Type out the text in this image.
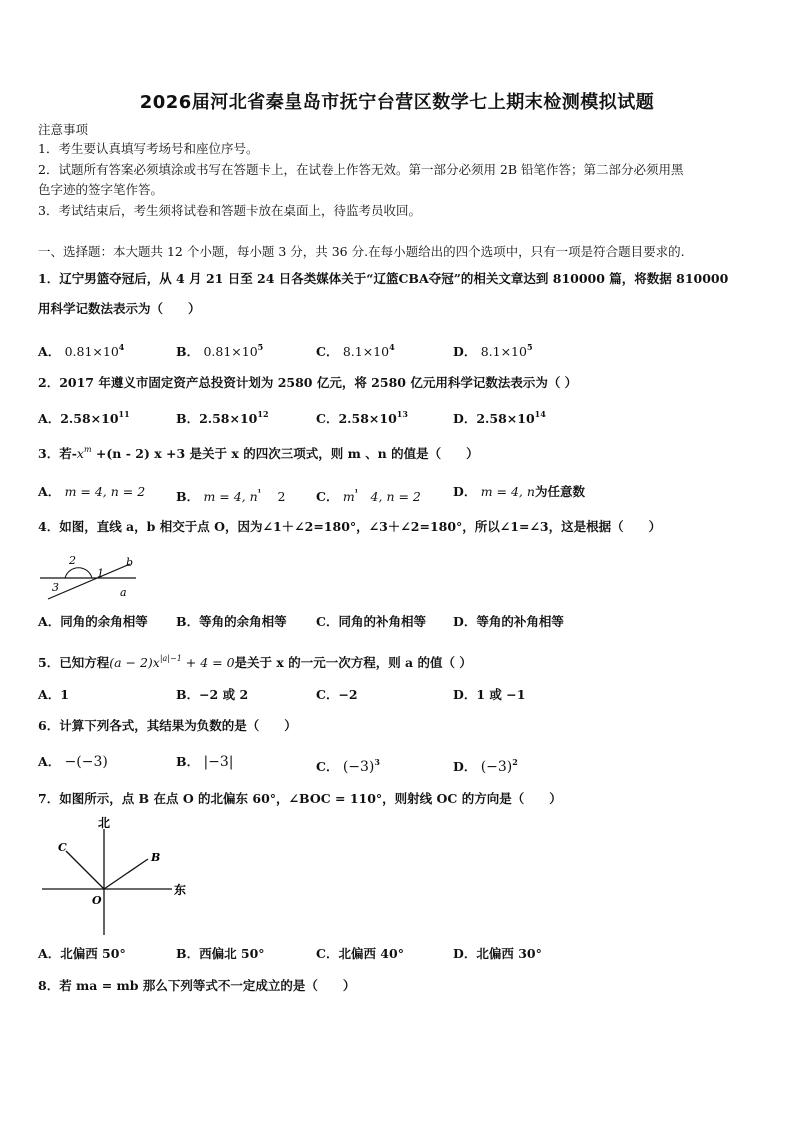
2026届河北省秦皇岛市抚宁台营区数学七上期末检测模拟试题
注意事项
1．考生要认真填写考场号和座位序号。
2．试题所有答案必须填涂或书写在答题卡上，在试卷上作答无效。第一部分必须用 2B 铅笔作答；第二部分必须用黑
色字迹的签字笔作答。
3．考试结束后，考生须将试卷和答题卡放在桌面上，待监考员收回。
一、选择题：本大题共 12 个小题，每小题 3 分，共 36 分.在每小题给出的四个选项中，只有一项是符合题目要求的.
1．辽宁男篮夺冠后，从 4 月 21 日至 24 日各类媒体关于“辽篮CBA夺冠”的相关文章达到 810000 篇，将数据 810000
用科学记数法表示为（　　）
A． $0.81\times 10^4$	B． $0.81\times 10^5$	C． $8.1\times 10^4$	D． $8.1\times 10^5$
2．2017 年遵义市固定资产总投资计划为 2580 亿元，将 2580 亿元用科学记数法表示为（ ）
A．$2.58\times 10^{11}$	B．$2.58\times 10^{12}$	C．$2.58\times 10^{13}$	D．$2.58\times 10^{14}$
3．若$-x^m +(n - 2)$ x +3 是关于 x 的四次三项式，则 m 、n 的值是（　　）
A． m = 4, n = 2 B． m = 4, $n^{^1}$ 2 C． $m^{^1}$ 4, n = 2	D． m = 4, n为任意数
4．如图，直线 a，b 相交于点 O，因为∠1＋∠2=180°，∠3＋∠2=180°，所以∠1=∠3，这是根据（　　）
2
1
3
b
a
A．同角的余角相等 B．等角的余角相等 C．同角的补角相等 D．等角的补角相等
5．已知方程$(a - 2)x^{|a|-1} + 4 = 0$是关于 x 的一元一次方程，则 a 的值（ ）
A．1	B．−2 或 2	C．−2	D．1 或 −1
6．计算下列各式，其结果为负数的是（　　）
A． −(−3)	B． |−3|	C． $(-3)^3$	D． $(-3)^2$
7．如图所示，点 B 在点 O 的北偏东 60°，∠BOC = 110°，则射线 OC 的方向是（　　）
北
C
B
O
东
A．北偏西 50°	B．西偏北 50°	C．北偏西 40°	D．北偏西 30°
8．若 ma = mb 那么下列等式不一定成立的是（　　）
